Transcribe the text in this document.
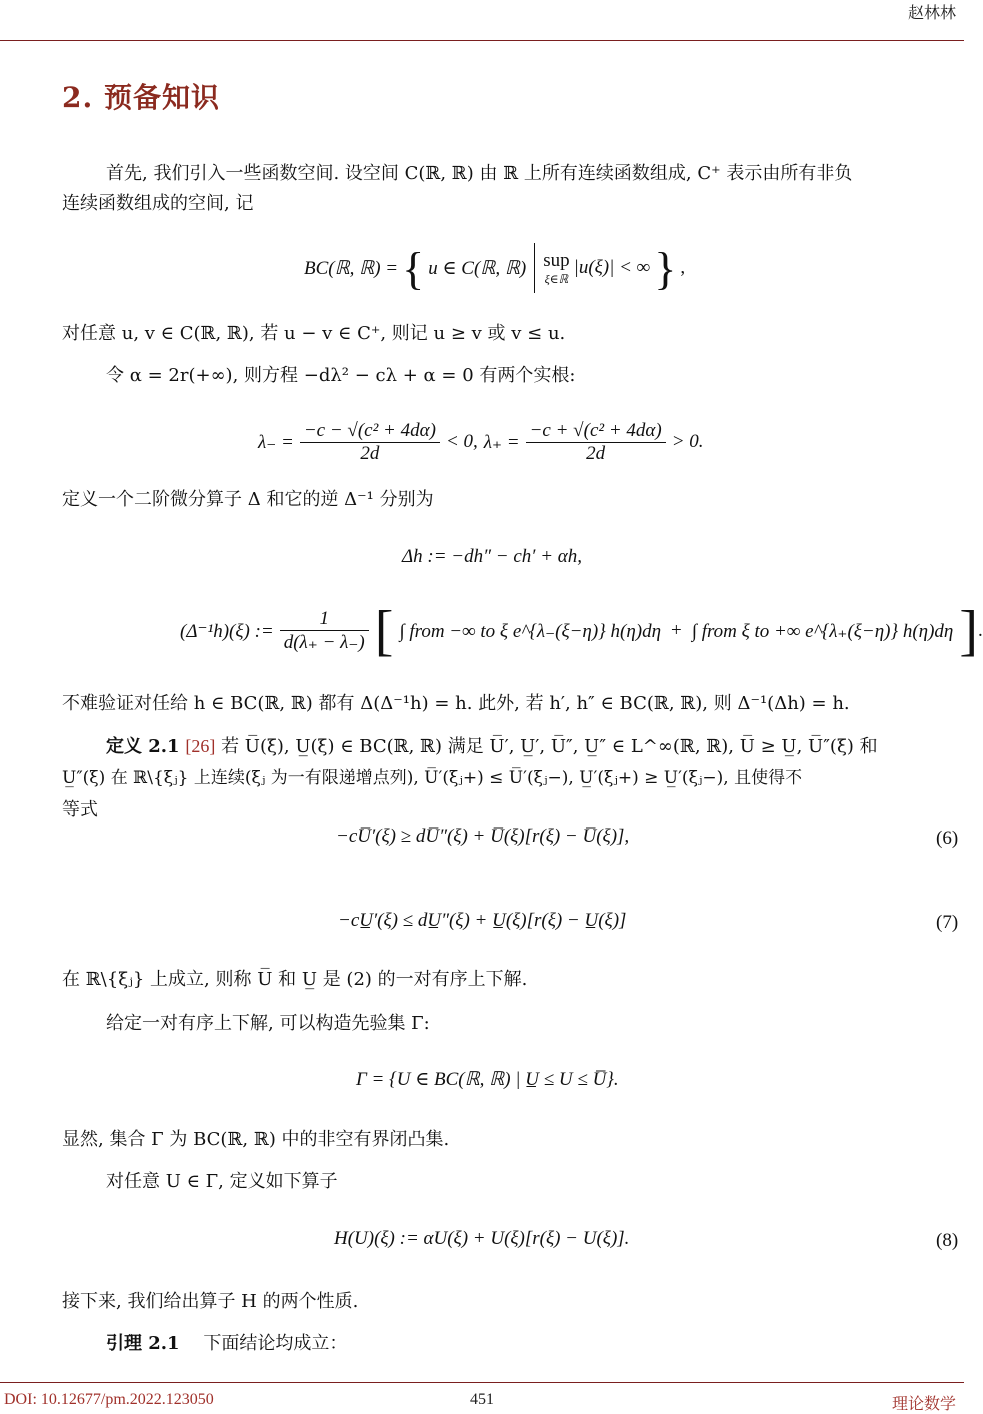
赵林林
2. 预备知识
首先, 我们引入一些函数空间. 设空间 C(ℝ, ℝ) 由 ℝ 上所有连续函数组成, C⁺ 表示由所有非负
连续函数组成的空间, 记
BC(ℝ, ℝ) = { u ∈ C(ℝ, ℝ) sup
ξ∈ℝ
|u(ξ)| < ∞ } ,
对任意 u, v ∈ C(ℝ, ℝ), 若 u − v ∈ C⁺, 则记 u ≥ v 或 v ≤ u.
令 α = 2r(+∞), 则方程 −dλ² − cλ + α = 0 有两个实根:
$\lambda_- = \frac{\text{−c − √(c² + 4dα)}}{2d} < 0$, $\lambda_+ = \frac{\text{−c + √(c² + 4dα)}}{2d} > 0$.
定义一个二阶微分算子 Δ 和它的逆 Δ⁻¹ 分别为
Δh := −dh″ − ch′ + αh,
(Δ⁻¹h)(ξ) := $\frac{1}{d(\lambda_+ - \lambda_-)}$ [ ∫ from −∞ to ξ e^{λ₋(ξ−η)} h(η)dη + ∫ from ξ to +∞ e^{λ₊(ξ−η)} h(η)dη ] .
不难验证对任给 h ∈ BC(ℝ, ℝ) 都有 Δ(Δ⁻¹h) = h. 此外, 若 h′, h″ ∈ BC(ℝ, ℝ), 则 Δ⁻¹(Δh) = h.
定义 2.1 [26] 若 U̅(ξ), U̲(ξ) ∈ BC(ℝ, ℝ) 满足 U̅′, U̲′, U̅″, U̲″ ∈ L^∞(ℝ, ℝ), U̅ ≥ U̲, U̅″(ξ) 和
U̲″(ξ) 在 ℝ\{ξⱼ} 上连续(ξⱼ 为一有限递增点列), U̅′(ξⱼ+) ≤ U̅′(ξⱼ−), U̲′(ξⱼ+) ≥ U̲′(ξⱼ−), 且使得不
等式
−cU̅′(ξ) ≥ dU̅″(ξ) + U̅(ξ)[r(ξ) − U̅(ξ)],	(6)
−cU̲′(ξ) ≤ dU̲″(ξ) + U̲(ξ)[r(ξ) − U̲(ξ)]	(7)
在 ℝ\{ξⱼ} 上成立, 则称 U̅ 和 U̲ 是 (2) 的一对有序上下解.
给定一对有序上下解, 可以构造先验集 Γ:
Γ = {U ∈ BC(ℝ, ℝ) | U̲ ≤ U ≤ U̅}.
显然, 集合 Γ 为 BC(ℝ, ℝ) 中的非空有界闭凸集.
对任意 U ∈ Γ, 定义如下算子
H(U)(ξ) := αU(ξ) + U(ξ)[r(ξ) − U(ξ)].	(8)
接下来, 我们给出算子 H 的两个性质.
引理 2.1 下面结论均成立：
DOI: 10.12677/pm.2022.123050	451	理论数学
